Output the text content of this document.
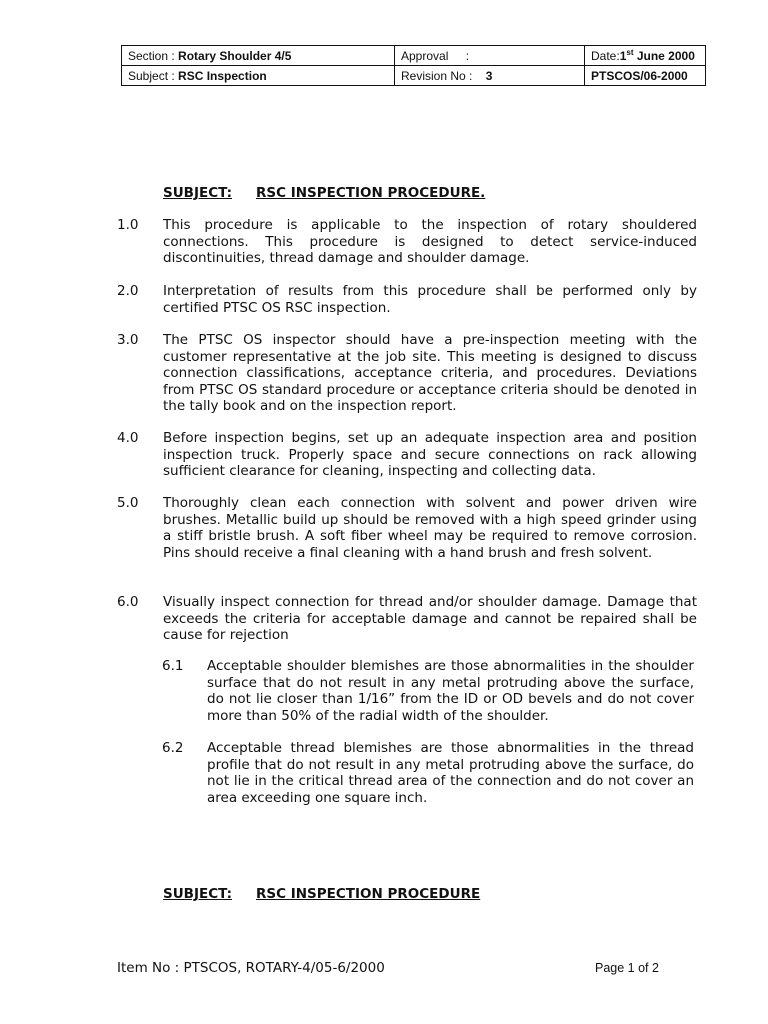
Section : Rotary Shoulder 4/5	Approval :	Date:1st June 2000
Subject : RSC Inspection	Revision No : 3	PTSCOS/06-2000
SUBJECT: RSC INSPECTION PROCEDURE.
1.0 This procedure is applicable to the inspection of rotary shouldered connections. This procedure is designed to detect service-induced discontinuities, thread damage and shoulder damage.
2.0 Interpretation of results from this procedure shall be performed only by certified PTSC OS RSC inspection.
3.0 The PTSC OS inspector should have a pre-inspection meeting with the customer representative at the job site. This meeting is designed to discuss connection classifications, acceptance criteria, and procedures. Deviations from PTSC OS standard procedure or acceptance criteria should be denoted in the tally book and on the inspection report.
4.0 Before inspection begins, set up an adequate inspection area and position inspection truck. Properly space and secure connections on rack allowing sufficient clearance for cleaning, inspecting and collecting data.
5.0 Thoroughly clean each connection with solvent and power driven wire brushes. Metallic build up should be removed with a high speed grinder using a stiff bristle brush. A soft fiber wheel may be required to remove corrosion. Pins should receive a final cleaning with a hand brush and fresh solvent.
6.0 Visually inspect connection for thread and/or shoulder damage. Damage that exceeds the criteria for acceptable damage and cannot be repaired shall be cause for rejection
6.1 Acceptable shoulder blemishes are those abnormalities in the shoulder surface that do not result in any metal protruding above the surface, do not lie closer than 1/16” from the ID or OD bevels and do not cover more than 50% of the radial width of the shoulder.
6.2 Acceptable thread blemishes are those abnormalities in the thread profile that do not result in any metal protruding above the surface, do not lie in the critical thread area of the connection and do not cover an area exceeding one square inch.
SUBJECT: RSC INSPECTION PROCEDURE
Item No : PTSCOS, ROTARY-4/05-6/2000	Page 1 of 2
